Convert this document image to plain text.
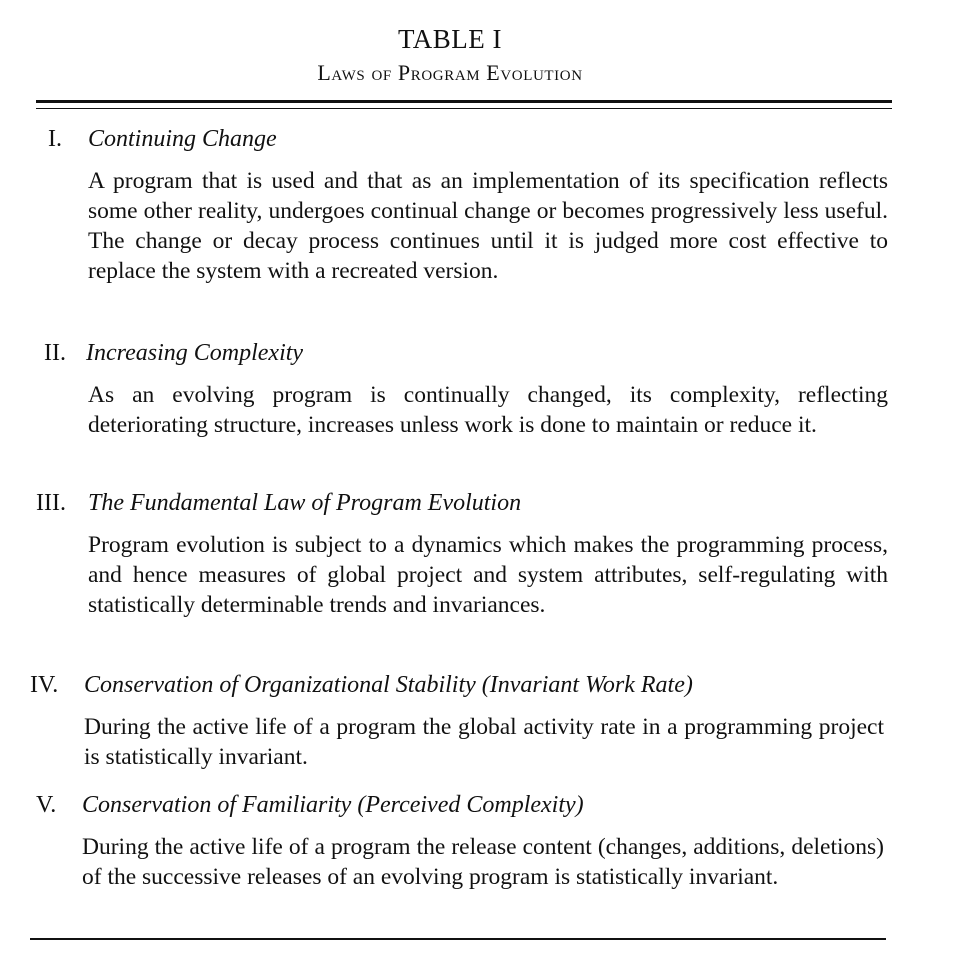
TABLE I
Laws of Program Evolution
I. Continuing Change
A program that is used and that as an implementation of its specification reflects some other reality, undergoes continual change or becomes progressively less useful. The change or decay process continues until it is judged more cost effective to replace the system with a recreated version.
II. Increasing Complexity
As an evolving program is continually changed, its complexity, reflecting deteriorating structure, increases unless work is done to maintain or reduce it.
III. The Fundamental Law of Program Evolution
Program evolution is subject to a dynamics which makes the programming process, and hence measures of global project and system attributes, self-regulating with statistically determinable trends and invariances.
IV. Conservation of Organizational Stability (Invariant Work Rate)
During the active life of a program the global activity rate in a programming project is statistically invariant.
V. Conservation of Familiarity (Perceived Complexity)
During the active life of a program the release content (changes, additions, deletions) of the successive releases of an evolving program is statistically invariant.
